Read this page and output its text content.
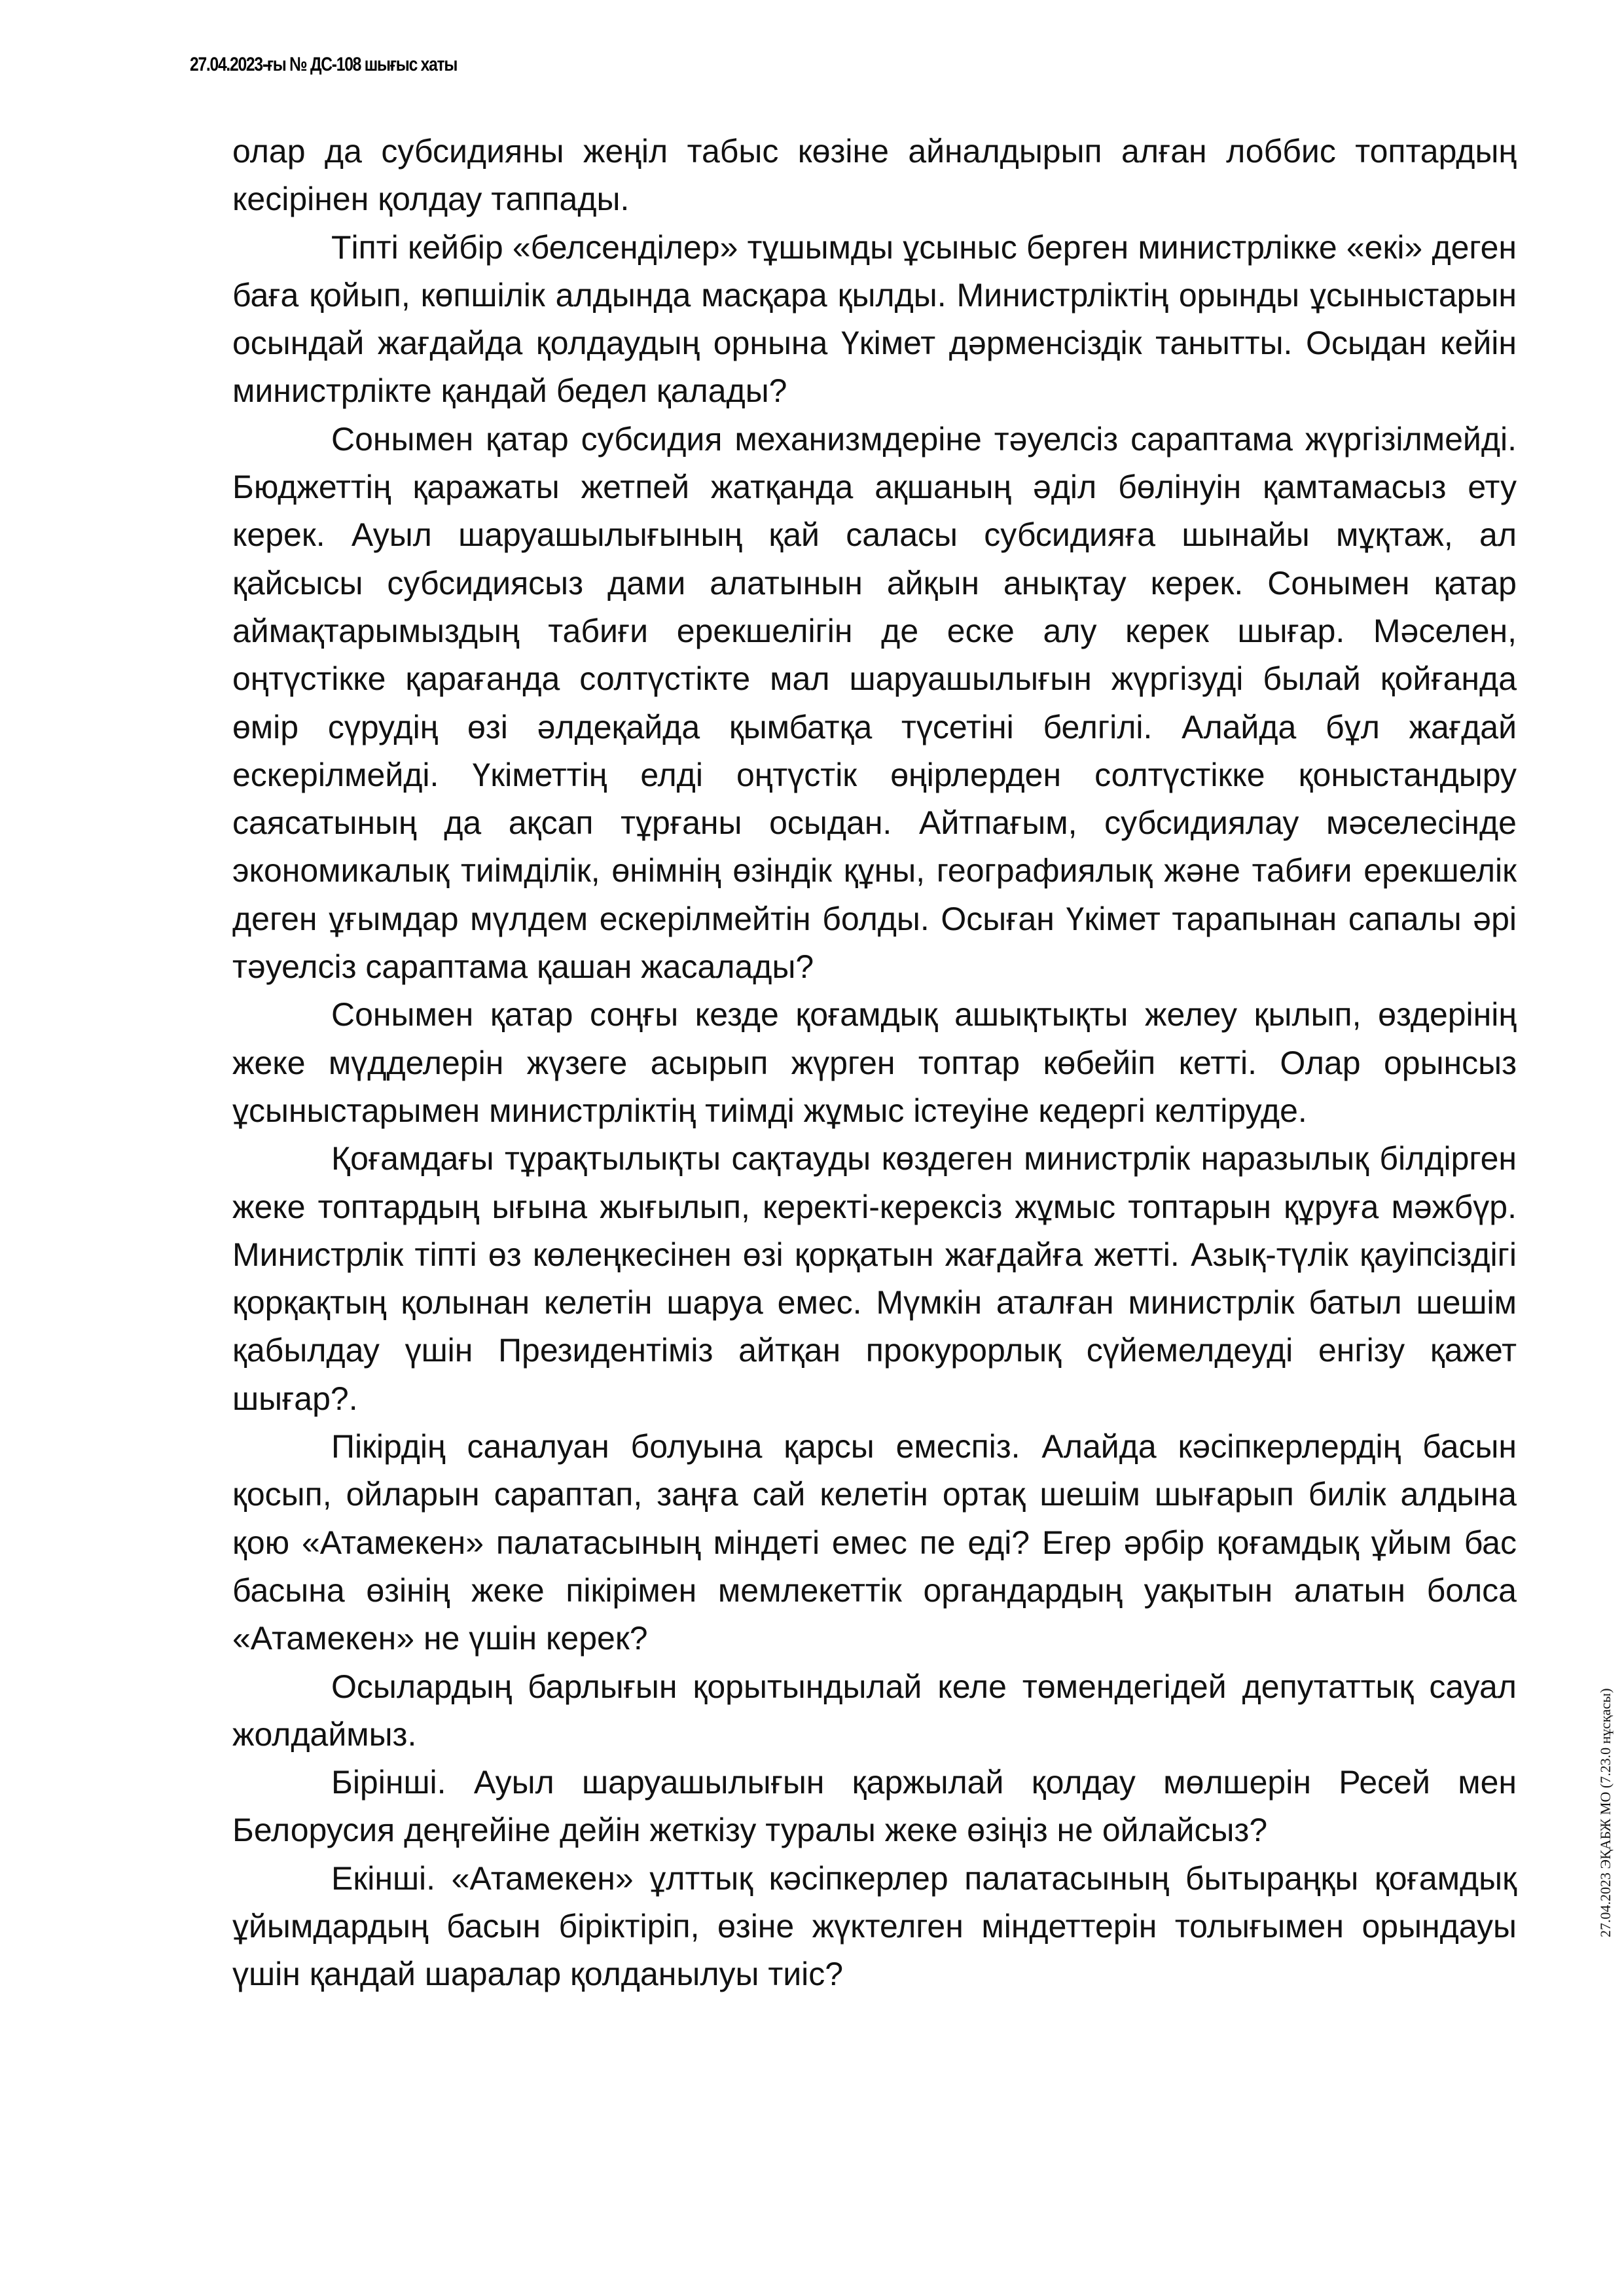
27.04.2023-ғы № ДС-108 шығыс хаты

олар да субсидияны жеңіл табыс көзіне айналдырып алған лоббис топтардың кесірінен қолдау таппады.

Тіпті кейбір «белсенділер» тұшымды ұсыныс берген министрлікке «екі» деген баға қойып, көпшілік алдында масқара қылды. Министрліктің орынды ұсыныстарын осындай жағдайда қолдаудың орнына Үкімет дәрменсіздік танытты. Осыдан кейін министрлікте қандай бедел қалады?

Сонымен қатар субсидия механизмдеріне тәуелсіз сараптама жүргізілмейді. Бюджеттің қаражаты жетпей жатқанда ақшаның әділ бөлінуін қамтамасыз ету керек. Ауыл шаруашылығының қай саласы субсидияға шынайы мұқтаж, ал қайсысы субсидиясыз дами алатынын айқын анықтау керек. Сонымен қатар аймақтарымыздың табиғи ерекшелігін де еске алу керек шығар. Мәселен, оңтүстікке қарағанда солтүстікте мал шаруашылығын жүргізуді былай қойғанда өмір сүрудің өзі әлдеқайда қымбатқа түсетіні белгілі. Алайда бұл жағдай ескерілмейді. Үкіметтің елді оңтүстік өңірлерден солтүстікке қоныстандыру саясатының да ақсап тұрғаны осыдан. Айтпағым, субсидиялау мәселесінде экономикалық тиімділік, өнімнің өзіндік құны, географиялық және табиғи ерекшелік деген ұғымдар мүлдем ескерілмейтін болды. Осыған Үкімет тарапынан сапалы әрі тәуелсіз сараптама қашан жасалады?

Сонымен қатар соңғы кезде қоғамдық ашықтықты желеу қылып, өздерінің жеке мүдделерін жүзеге асырып жүрген топтар көбейіп кетті. Олар орынсыз ұсыныстарымен министрліктің тиімді жұмыс істеуіне кедергі келтіруде.

Қоғамдағы тұрақтылықты сақтауды көздеген министрлік наразылық білдірген жеке топтардың ығына жығылып, керекті-керексіз жұмыс топтарын құруға мәжбүр. Министрлік тіпті өз көлеңкесінен өзі қорқатын жағдайға жетті. Азық-түлік қауіпсіздігі қорқақтың қолынан келетін шаруа емес. Мүмкін аталған министрлік батыл шешім қабылдау үшін Президентіміз айтқан прокурорлық сүйемелдеуді енгізу қажет шығар?.

Пікірдің саналуан болуына қарсы емеспіз. Алайда кәсіпкерлердің басын қосып, ойларын сараптап, заңға сай келетін ортақ шешім шығарып билік алдына қою «Атамекен» палатасының міндеті емес пе еді? Егер әрбір қоғамдық ұйым бас басына өзінің жеке пікірімен мемлекеттік органдардың уақытын алатын болса «Атамекен» не үшін керек?

Осылардың барлығын қорытындылай келе төмендегідей депутаттық сауал жолдаймыз.

Бірінші. Ауыл шаруашылығын қаржылай қолдау мөлшерін Ресей мен Белорусия деңгейіне дейін жеткізу туралы жеке өзіңіз не ойлайсыз?

Екінші. «Атамекен» ұлттық кәсіпкерлер палатасының бытыраңқы қоғамдық ұйымдардың басын біріктіріп, өзіне жүктелген міндеттерін толығымен орындауы үшін қандай шаралар қолданылуы тиіс?

27.04.2023 ЭҚАБЖ МО (7.23.0 нұсқасы)
